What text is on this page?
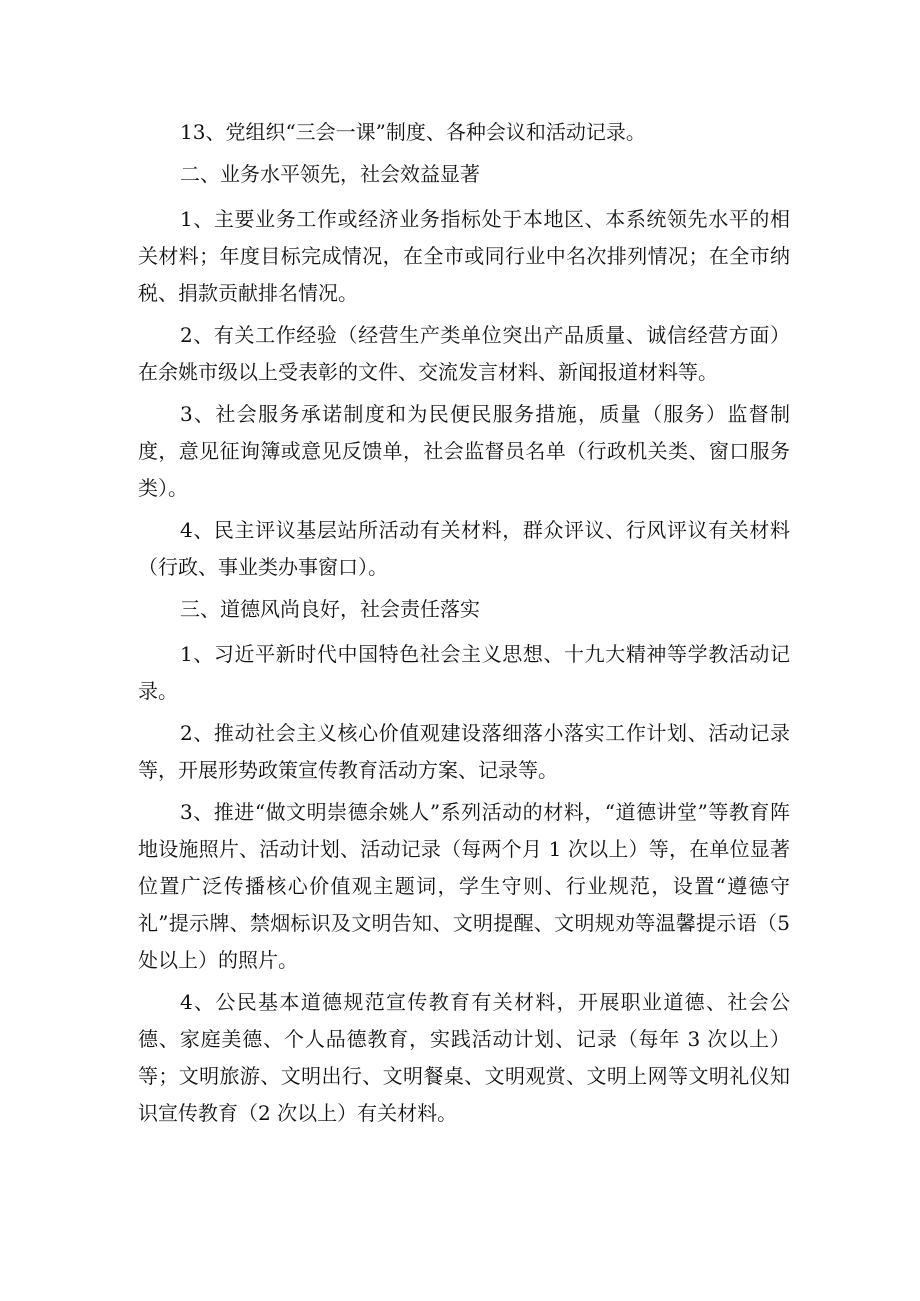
13、党组织“三会一课”制度、各种会议和活动记录。

二、业务水平领先，社会效益显著

1、主要业务工作或经济业务指标处于本地区、本系统领先水平的相关材料；年度目标完成情况，在全市或同行业中名次排列情况；在全市纳税、捐款贡献排名情况。

2、有关工作经验（经营生产类单位突出产品质量、诚信经营方面）在余姚市级以上受表彰的文件、交流发言材料、新闻报道材料等。

3、社会服务承诺制度和为民便民服务措施，质量（服务）监督制度，意见征询簿或意见反馈单，社会监督员名单（行政机关类、窗口服务类）。

4、民主评议基层站所活动有关材料，群众评议、行风评议有关材料（行政、事业类办事窗口）。

三、道德风尚良好，社会责任落实

1、习近平新时代中国特色社会主义思想、十九大精神等学教活动记录。

2、推动社会主义核心价值观建设落细落小落实工作计划、活动记录等，开展形势政策宣传教育活动方案、记录等。

3、推进“做文明崇德余姚人”系列活动的材料，“道德讲堂”等教育阵地设施照片、活动计划、活动记录（每两个月 1 次以上）等，在单位显著位置广泛传播核心价值观主题词，学生守则、行业规范，设置“遵德守礼”提示牌、禁烟标识及文明告知、文明提醒、文明规劝等温馨提示语（5 处以上）的照片。

4、公民基本道德规范宣传教育有关材料，开展职业道德、社会公德、家庭美德、个人品德教育，实践活动计划、记录（每年 3 次以上）等；文明旅游、文明出行、文明餐桌、文明观赏、文明上网等文明礼仪知识宣传教育（2 次以上）有关材料。
